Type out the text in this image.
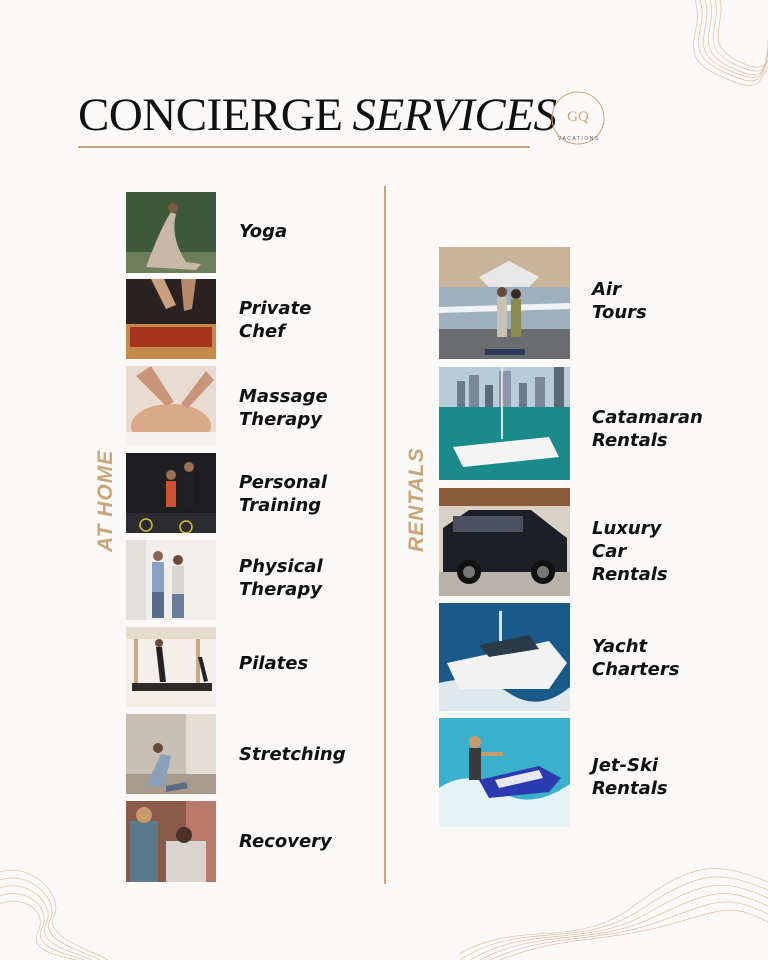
CONCIERGE SERVICES GQ
VACATIONS
AT HOME	RENTALS
Yoga
Private
Chef
Massage
Therapy
Personal
Training
Physical
Therapy
Pilates
Stretching
Recovery
Air
Tours
Catamaran
Rentals
Luxury Car
Rentals
Yacht
Charters
Jet-Ski
Rentals
